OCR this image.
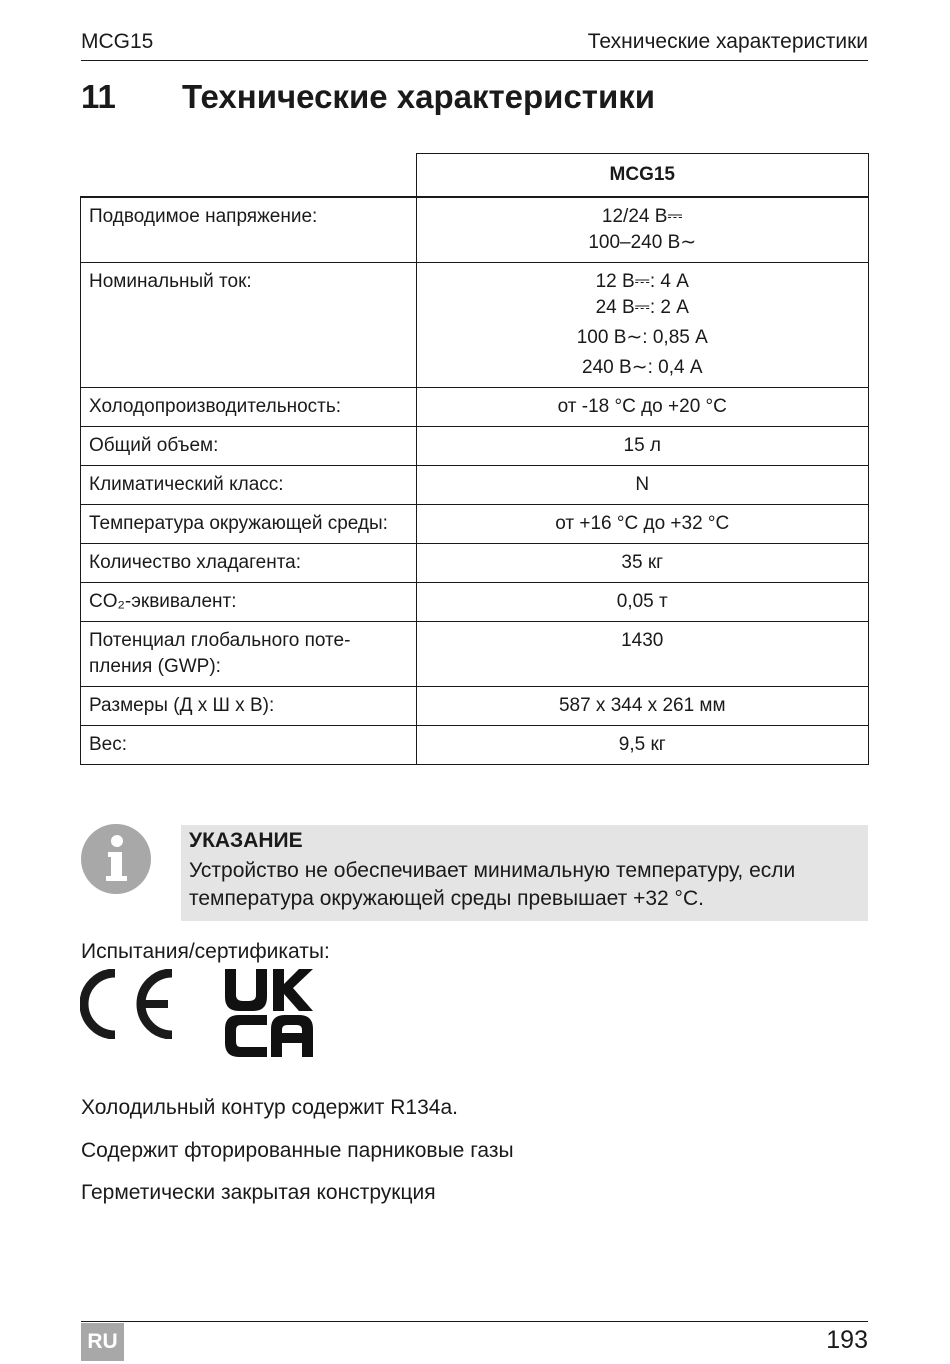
MCG15	Технические характеристики
11 Технические характеристики
	MCG15
Подводимое напряжение:	12/24 В⎓
100–240 В∼

Номинальный ток:	12 В⎓: 4 А
24 В⎓: 2 А
100 В∼: 0,85 А
240 В∼: 0,4 А

Холодопроизводительность:	от -18 °C до +20 °C
Общий объем:	15 л
Климатический класс:	N
Температура окружающей среды:	от +16 °C до +32 °C
Количество хладагента:	35 кг
CO₂-эквивалент:	0,05 т
Потенциал глобального поте-пления (GWP):	1430
Размеры (Д х Ш х В):	587 x 344 x 261 мм
Вес:	9,5 кг
УКАЗАНИЕ
Устройство не обеспечивает минимальную температуру, если температура окружающей среды превышает +32 °C.
Испытания/сертификаты:
Холодильный контур содержит R134a.
Содержит фторированные парниковые газы
Герметически закрытая конструкция
RU	193
